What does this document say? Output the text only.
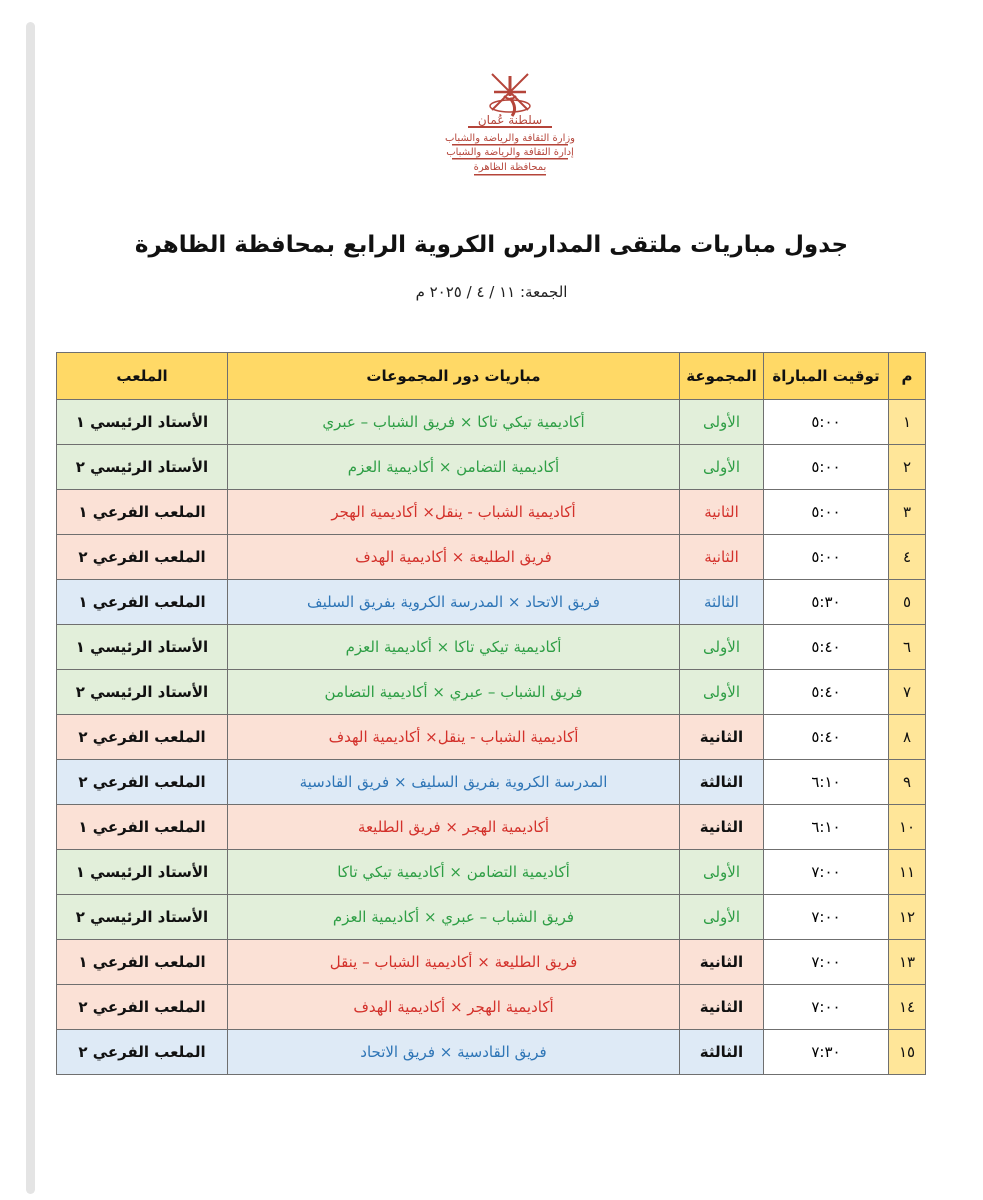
سلطنة عُمان
وزارة الثقافة والرياضة والشباب
إدارة الثقافة والرياضة والشباب
بمحافظة الظاهرة
جدول مباريات ملتقى المدارس الكروية الرابع بمحافظة الظاهرة
الجمعة: ١١ / ٤ / ٢٠٢٥ م
م	توقيت المباراة	المجموعة	مباريات دور المجموعات	الملعب
١	٥:٠٠	الأولى	أكاديمية تيكي تاكا × فريق الشباب – عبري	الأستاد الرئيسي ١
٢	٥:٠٠	الأولى	أكاديمية التضامن × أكاديمية العزم	الأستاد الرئيسي ٢
٣	٥:٠٠	الثانية	أكاديمية الشباب - ينقل× أكاديمية الهجر	الملعب الفرعي ١
٤	٥:٠٠	الثانية	فريق الطليعة × أكاديمية الهدف	الملعب الفرعي ٢
٥	٥:٣٠	الثالثة	فريق الاتحاد × المدرسة الكروية بفريق السليف	الملعب الفرعي ١
٦	٥:٤٠	الأولى	أكاديمية تيكي تاكا × أكاديمية العزم	الأستاد الرئيسي ١
٧	٥:٤٠	الأولى	فريق الشباب – عبري × أكاديمية التضامن	الأستاد الرئيسي ٢
٨	٥:٤٠	الثانية	أكاديمية الشباب - ينقل× أكاديمية الهدف	الملعب الفرعي ٢
٩	٦:١٠	الثالثة	المدرسة الكروية بفريق السليف × فريق القادسية	الملعب الفرعي ٢
١٠	٦:١٠	الثانية	أكاديمية الهجر × فريق الطليعة	الملعب الفرعي ١
١١	٧:٠٠	الأولى	أكاديمية التضامن × أكاديمية تيكي تاكا	الأستاد الرئيسي ١
١٢	٧:٠٠	الأولى	فريق الشباب – عبري × أكاديمية العزم	الأستاد الرئيسي ٢
١٣	٧:٠٠	الثانية	فريق الطليعة × أكاديمية الشباب – ينقل	الملعب الفرعي ١
١٤	٧:٠٠	الثانية	أكاديمية الهجر × أكاديمية الهدف	الملعب الفرعي ٢
١٥	٧:٣٠	الثالثة	فريق القادسية × فريق الاتحاد	الملعب الفرعي ٢
